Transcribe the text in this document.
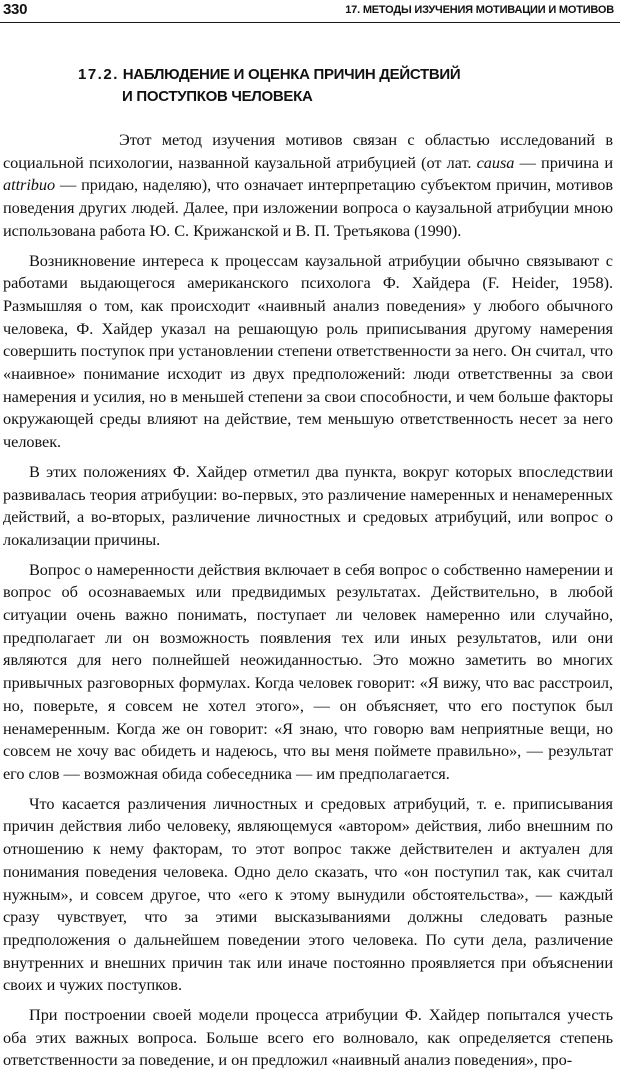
330	17. МЕТОДЫ ИЗУЧЕНИЯ МОТИВАЦИИ И МОТИВОВ
17.2. НАБЛЮДЕНИЕ И ОЦЕНКА ПРИЧИН ДЕЙСТВИЙ
И ПОСТУПКОВ ЧЕЛОВЕКА

Этот метод изучения мотивов связан с областью исследований в социальной психологии, названной каузальной атрибуцией (от лат. causa — причина и attribuo — придаю, наделяю), что означает интерпретацию субъектом причин, мотивов поведения других людей. Далее, при изложении вопроса о каузальной атрибуции мною использована работа Ю. С. Крижанской и В. П. Третьякова (1990).

Возникновение интереса к процессам каузальной атрибуции обычно связывают с работами выдающегося американского психолога Ф. Хайдера (F. Heider, 1958). Размышляя о том, как происходит «наивный анализ поведения» у любого обычного человека, Ф. Хайдер указал на решающую роль приписывания другому намерения совершить поступок при установлении степени ответственности за него. Он считал, что «наивное» понимание исходит из двух предположений: люди ответственны за свои намерения и усилия, но в меньшей степени за свои способности, и чем больше факторы окружающей среды влияют на действие, тем меньшую ответственность несет за него человек.

В этих положениях Ф. Хайдер отметил два пункта, вокруг которых впоследствии развивалась теория атрибуции: во-первых, это различение намеренных и ненамеренных действий, а во-вторых, различение личностных и средовых атрибуций, или вопрос о локализации причины.

Вопрос о намеренности действия включает в себя вопрос о собственно намерении и вопрос об осознаваемых или предвидимых результатах. Действительно, в любой ситуации очень важно понимать, поступает ли человек намеренно или случайно, предполагает ли он возможность появления тех или иных результатов, или они являются для него полнейшей неожиданностью. Это можно заметить во многих привычных разговорных формулах. Когда человек говорит: «Я вижу, что вас расстроил, но, поверьте, я совсем не хотел этого», — он объясняет, что его поступок был ненамеренным. Когда же он говорит: «Я знаю, что говорю вам неприятные вещи, но совсем не хочу вас обидеть и надеюсь, что вы меня поймете правильно», — результат его слов — возможная обида собеседника — им предполагается.

Что касается различения личностных и средовых атрибуций, т. е. приписывания причин действия либо человеку, являющемуся «автором» действия, либо внешним по отношению к нему факторам, то этот вопрос также действителен и актуален для понимания поведения человека. Одно дело сказать, что «он поступил так, как считал нужным», и совсем другое, что «его к этому вынудили обстоятельства», — каждый сразу чувствует, что за этими высказываниями должны следовать разные предположения о дальнейшем поведении этого человека. По сути дела, различение внутренних и внешних причин так или иначе постоянно проявляется при объяснении своих и чужих поступков.

При построении своей модели процесса атрибуции Ф. Хайдер попытался учесть оба этих важных вопроса. Больше всего его волновало, как определяется степень ответственности за поведение, и он предложил «наивный анализ поведения», про-
